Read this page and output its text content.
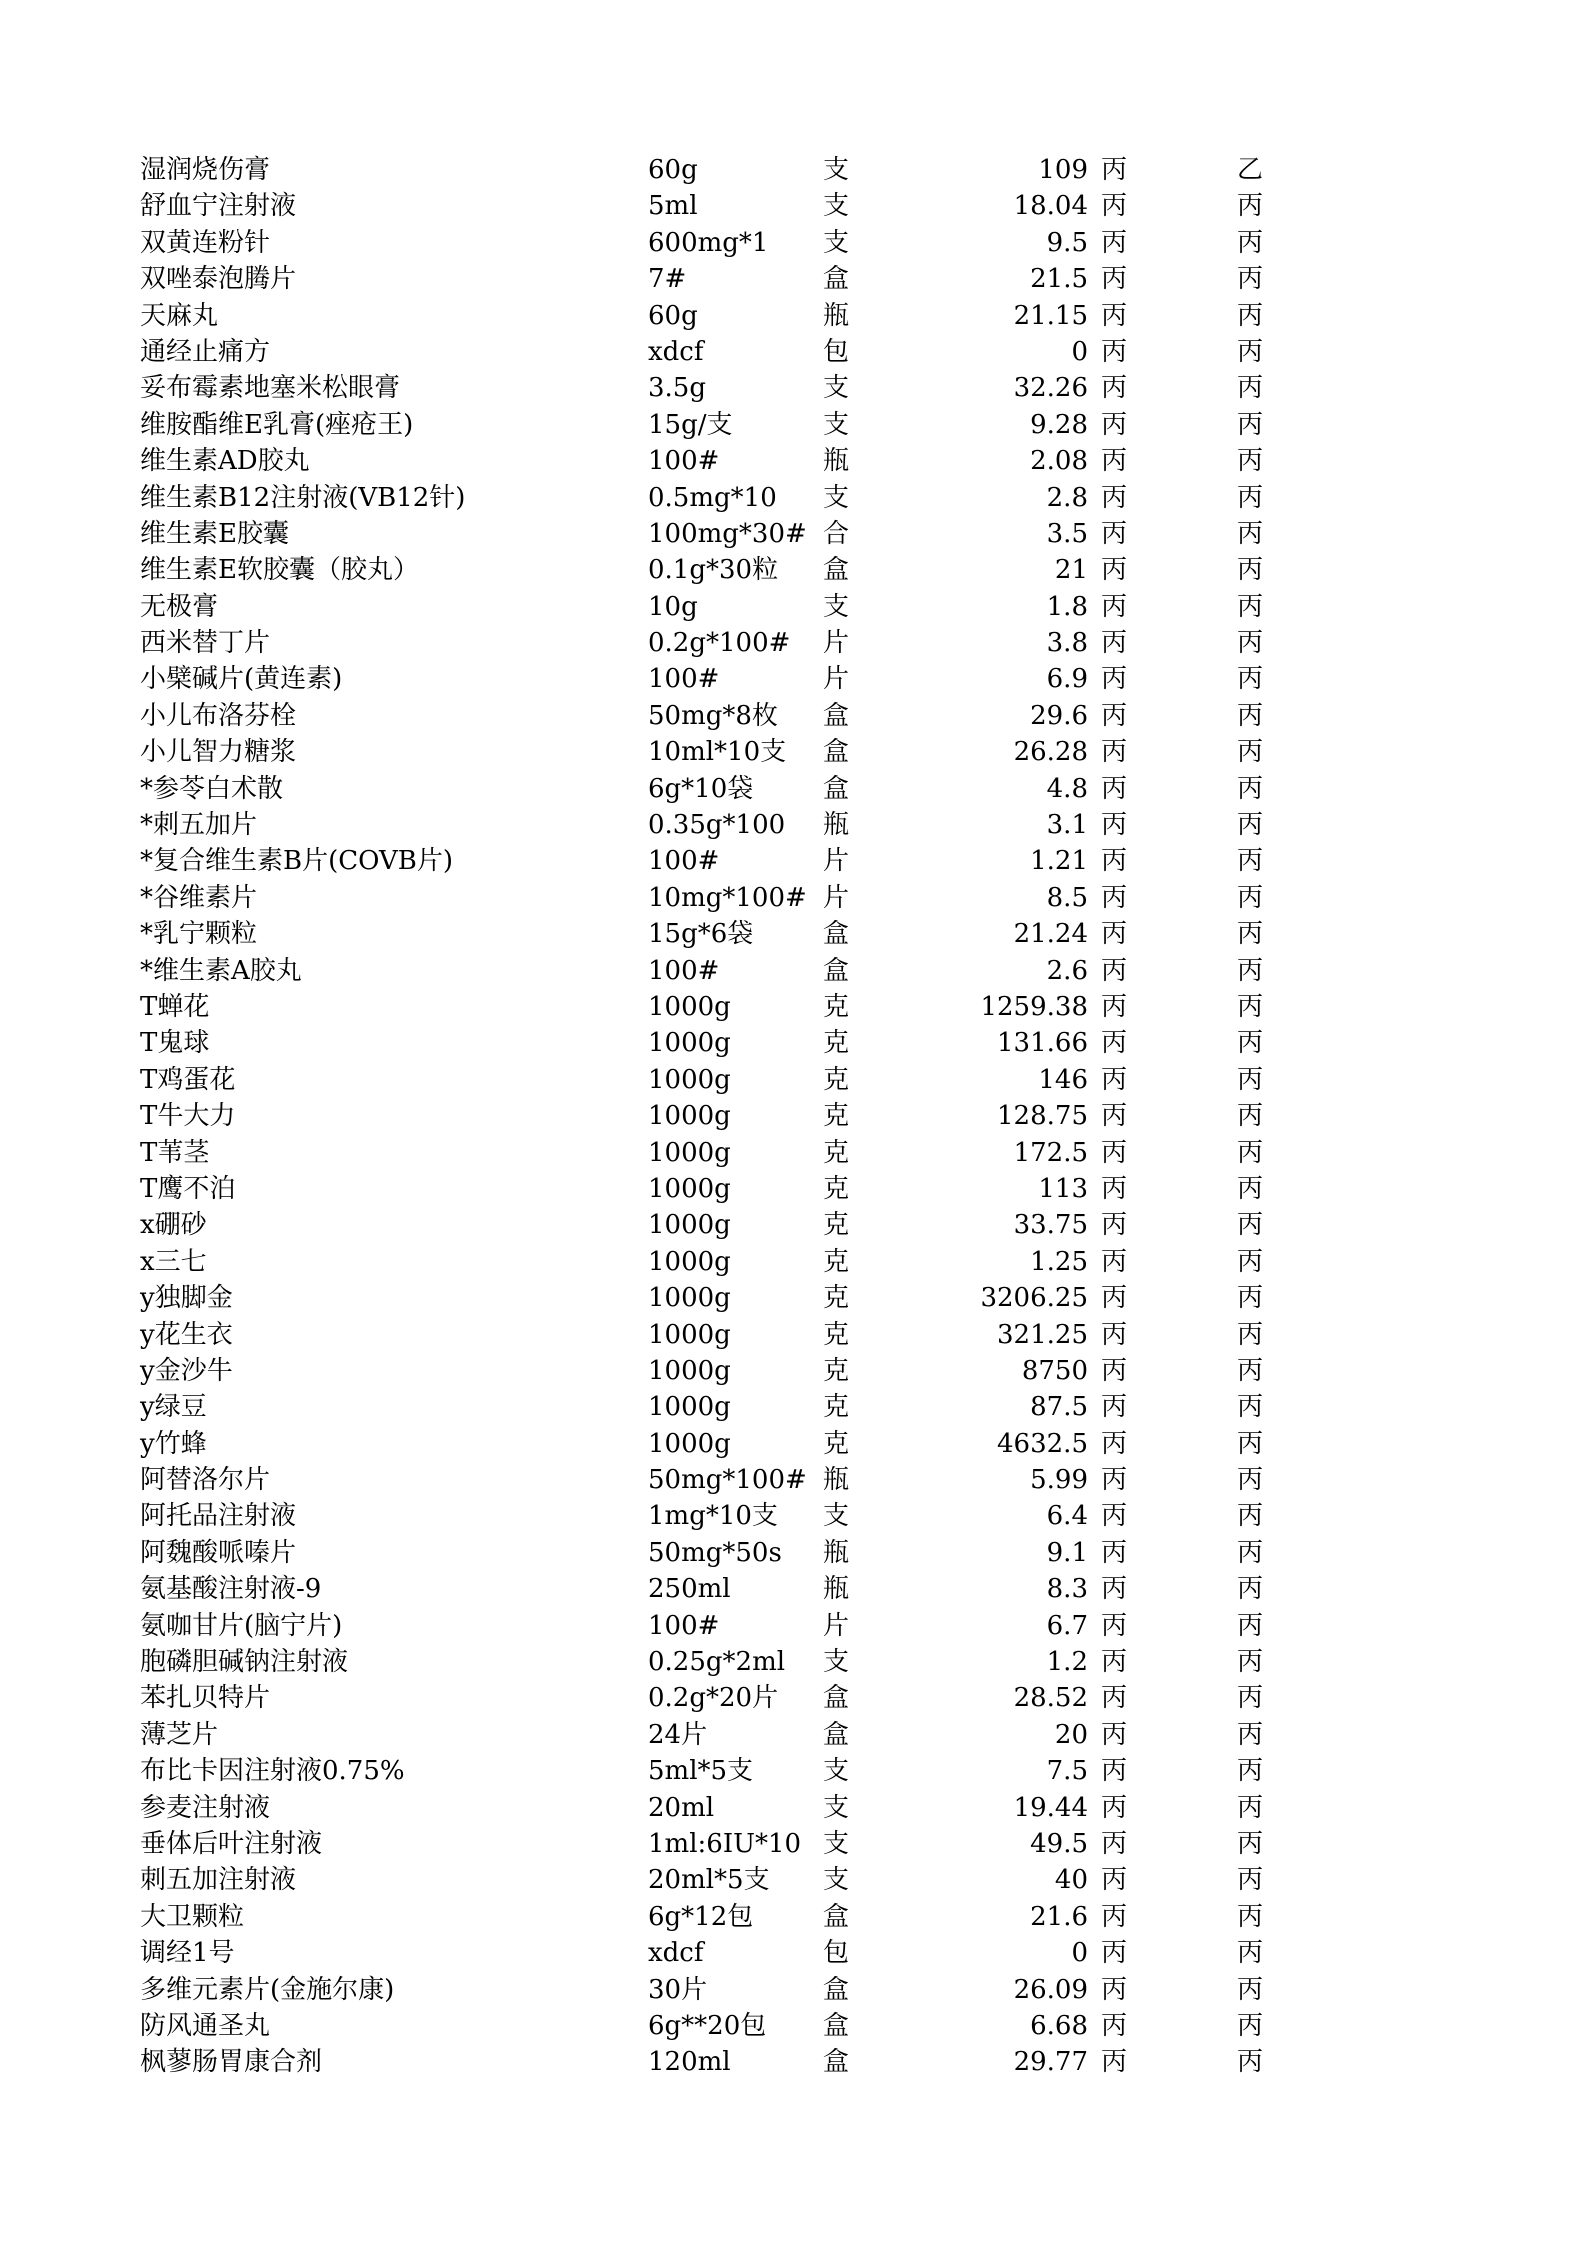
湿润烧伤膏	60g	支	109 丙	乙
舒血宁注射液	5ml	支	18.04 丙	丙
双黄连粉针	600mg*1 支	9.5 丙	丙
双唑泰泡腾片	7#	盒	21.5 丙	丙
天麻丸	60g	瓶	21.15 丙	丙
通经止痛方	xdcf	包	0 丙	丙
妥布霉素地塞米松眼膏	3.5g	支	32.26 丙	丙
维胺酯维E乳膏(痤疮王)	15g/支	支	9.28 丙	丙
维生素AD胶丸	100#	瓶	2.08 丙	丙
维生素B12注射液(VB12针)	0.5mg*10 支	2.8 丙	丙
维生素E胶囊	100mg*30# 合	3.5 丙	丙
维生素E软胶囊（胶丸）	0.1g*30粒 盒	21 丙	丙
无极膏	10g	支	1.8 丙	丙
西米替丁片	0.2g*100# 片	3.8 丙	丙
小檗碱片(黄连素)	100#	片	6.9 丙	丙
小儿布洛芬栓	50mg*8枚 盒	29.6 丙	丙
小儿智力糖浆	10ml*10支 盒	26.28 丙	丙
*参苓白术散	6g*10袋	盒	4.8 丙	丙
*刺五加片	0.35g*100 瓶	3.1 丙	丙
*复合维生素B片(COVB片)	100#	片	1.21 丙	丙
*谷维素片	10mg*100# 片	8.5 丙	丙
*乳宁颗粒	15g*6袋	盒	21.24 丙	丙
*维生素A胶丸	100#	盒	2.6 丙	丙
T蝉花	1000g	克	1259.38 丙	丙
T鬼球	1000g	克	131.66 丙	丙
T鸡蛋花	1000g	克	146 丙	丙
T牛大力	1000g	克	128.75 丙	丙
T苇茎	1000g	克	172.5 丙	丙
T鹰不泊	1000g	克	113 丙	丙
x硼砂	1000g	克	33.75 丙	丙
x三七	1000g	克	1.25 丙	丙
y独脚金	1000g	克	3206.25 丙	丙
y花生衣	1000g	克	321.25 丙	丙
y金沙牛	1000g	克	8750 丙	丙
y绿豆	1000g	克	87.5 丙	丙
y竹蜂	1000g	克	4632.5 丙	丙
阿替洛尔片	50mg*100# 瓶	5.99 丙	丙
阿托品注射液	1mg*10支 支	6.4 丙	丙
阿魏酸哌嗪片	50mg*50s 瓶	9.1 丙	丙
氨基酸注射液-9	250ml	瓶	8.3 丙	丙
氨咖甘片(脑宁片)	100#	片	6.7 丙	丙
胞磷胆碱钠注射液	0.25g*2ml 支	1.2 丙	丙
苯扎贝特片	0.2g*20片 盒	28.52 丙	丙
薄芝片	24片	盒	20 丙	丙
布比卡因注射液0.75%	5ml*5支	支	7.5 丙	丙
参麦注射液	20ml	支	19.44 丙	丙
垂体后叶注射液	1ml:6IU*10 支	49.5 丙	丙
刺五加注射液	20ml*5支 支	40 丙	丙
大卫颗粒	6g*12包	盒	21.6 丙	丙
调经1号	xdcf	包	0 丙	丙
多维元素片(金施尔康)	30片	盒	26.09 丙	丙
防风通圣丸	6g**20包 盒	6.68 丙	丙
枫蓼肠胃康合剂	120ml	盒	29.77 丙	丙
